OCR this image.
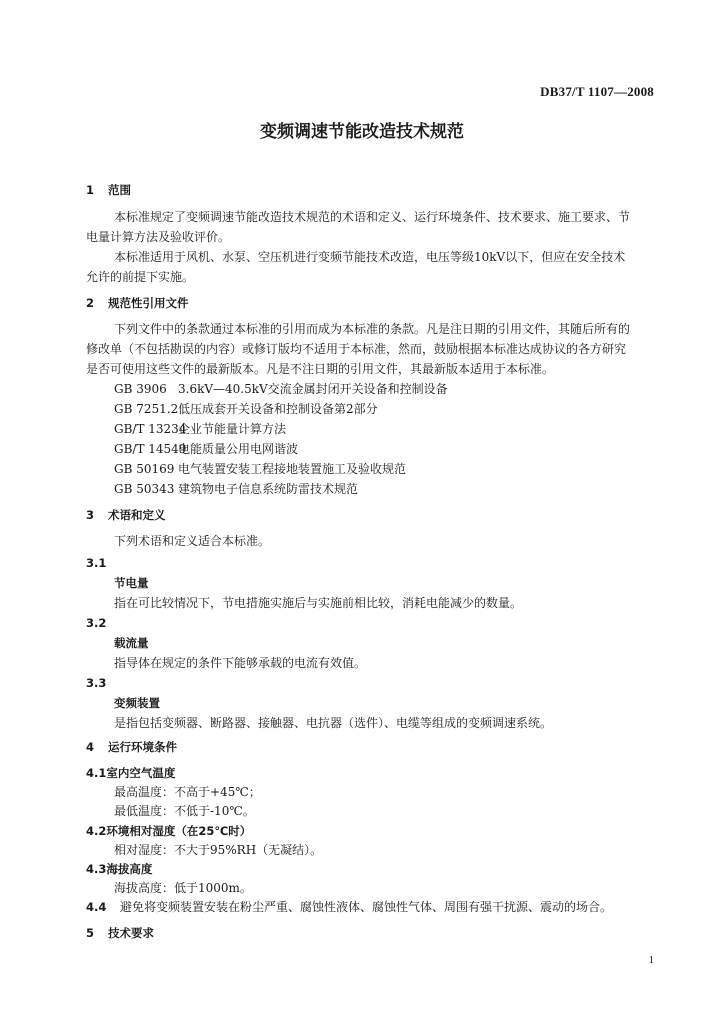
DB37/T 1107—2008
变频调速节能改造技术规范
1 范围
本标准规定了变频调速节能改造技术规范的术语和定义、运行环境条件、技术要求、施工要求、节
电量计算方法及验收评价。
本标准适用于风机、水泵、空压机进行变频节能技术改造，电压等级10kV以下，但应在安全技术
允许的前提下实施。
2 规范性引用文件
下列文件中的条款通过本标准的引用而成为本标准的条款。凡是注日期的引用文件，其随后所有的
修改单（不包括勘误的内容）或修订版均不适用于本标准，然而，鼓励根据本标准达成协议的各方研究
是否可使用这些文件的最新版本。凡是不注日期的引用文件，其最新版本适用于本标准。
GB 3906 3.6kV—40.5kV交流金属封闭开关设备和控制设备
GB 7251.2低压成套开关设备和控制设备第2部分
GB/T 13234企业节能量计算方法
GB/T 14549电能质量公用电网谐波
GB 50169 电气装置安装工程接地装置施工及验收规范
GB 50343 建筑物电子信息系统防雷技术规范
3 术语和定义
下列术语和定义适合本标准。
3.1
节电量
指在可比较情况下，节电措施实施后与实施前相比较，消耗电能减少的数量。
3.2
载流量
指导体在规定的条件下能够承载的电流有效值。
3.3
变频装置
是指包括变频器、断路器、接触器、电抗器（选件）、电缆等组成的变频调速系统。
4 运行环境条件
4.1室内空气温度
最高温度：不高于+45℃；
最低温度：不低于-10℃。
4.2环境相对湿度（在25℃时）
相对湿度：不大于95%RH（无凝结）。
4.3海拔高度
海拔高度：低于1000m。
4.4 避免将变频装置安装在粉尘严重、腐蚀性液体、腐蚀性气体、周围有强干扰源、震动的场合。
5 技术要求
1
